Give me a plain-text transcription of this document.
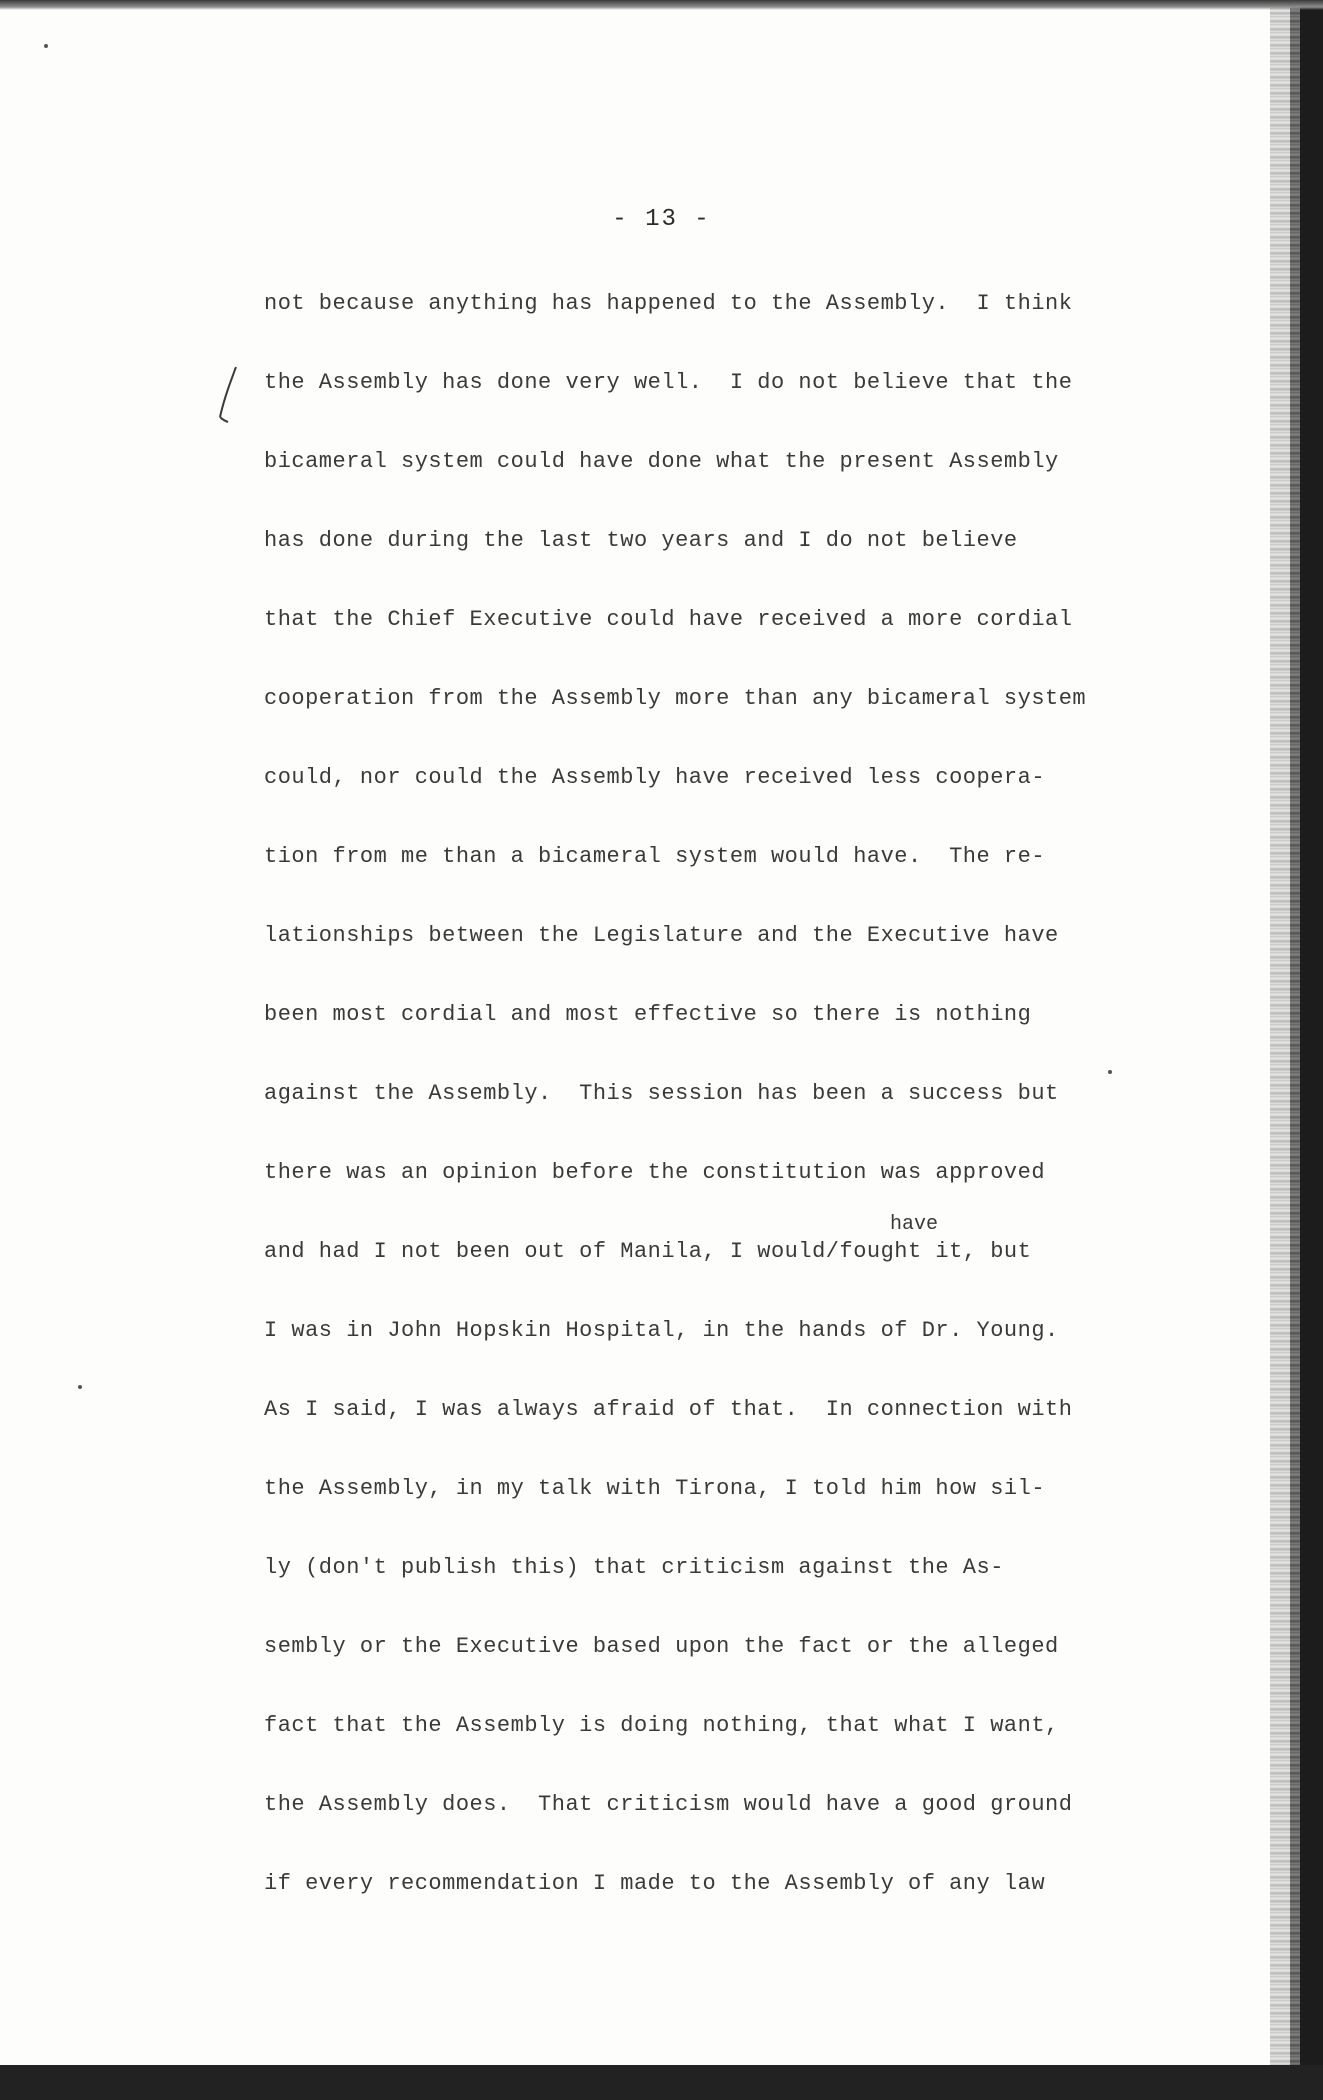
- 13 -
not because anything has happened to the Assembly.  I think
the Assembly has done very well.  I do not believe that the
bicameral system could have done what the present Assembly
has done during the last two years and I do not believe
that the Chief Executive could have received a more cordial
cooperation from the Assembly more than any bicameral system
could, nor could the Assembly have received less coopera-
tion from me than a bicameral system would have.  The re-
lationships between the Legislature and the Executive have
been most cordial and most effective so there is nothing
against the Assembly.  This session has been a success but
there was an opinion before the constitution was approved
and had I not been out of Manila, I would/fought it, but
I was in John Hopskin Hospital, in the hands of Dr. Young.
As I said, I was always afraid of that.  In connection with
the Assembly, in my talk with Tirona, I told him how sil-
ly (don't publish this) that criticism against the As-
sembly or the Executive based upon the fact or the alleged
fact that the Assembly is doing nothing, that what I want,
the Assembly does.  That criticism would have a good ground
if every recommendation I made to the Assembly of any law
have
